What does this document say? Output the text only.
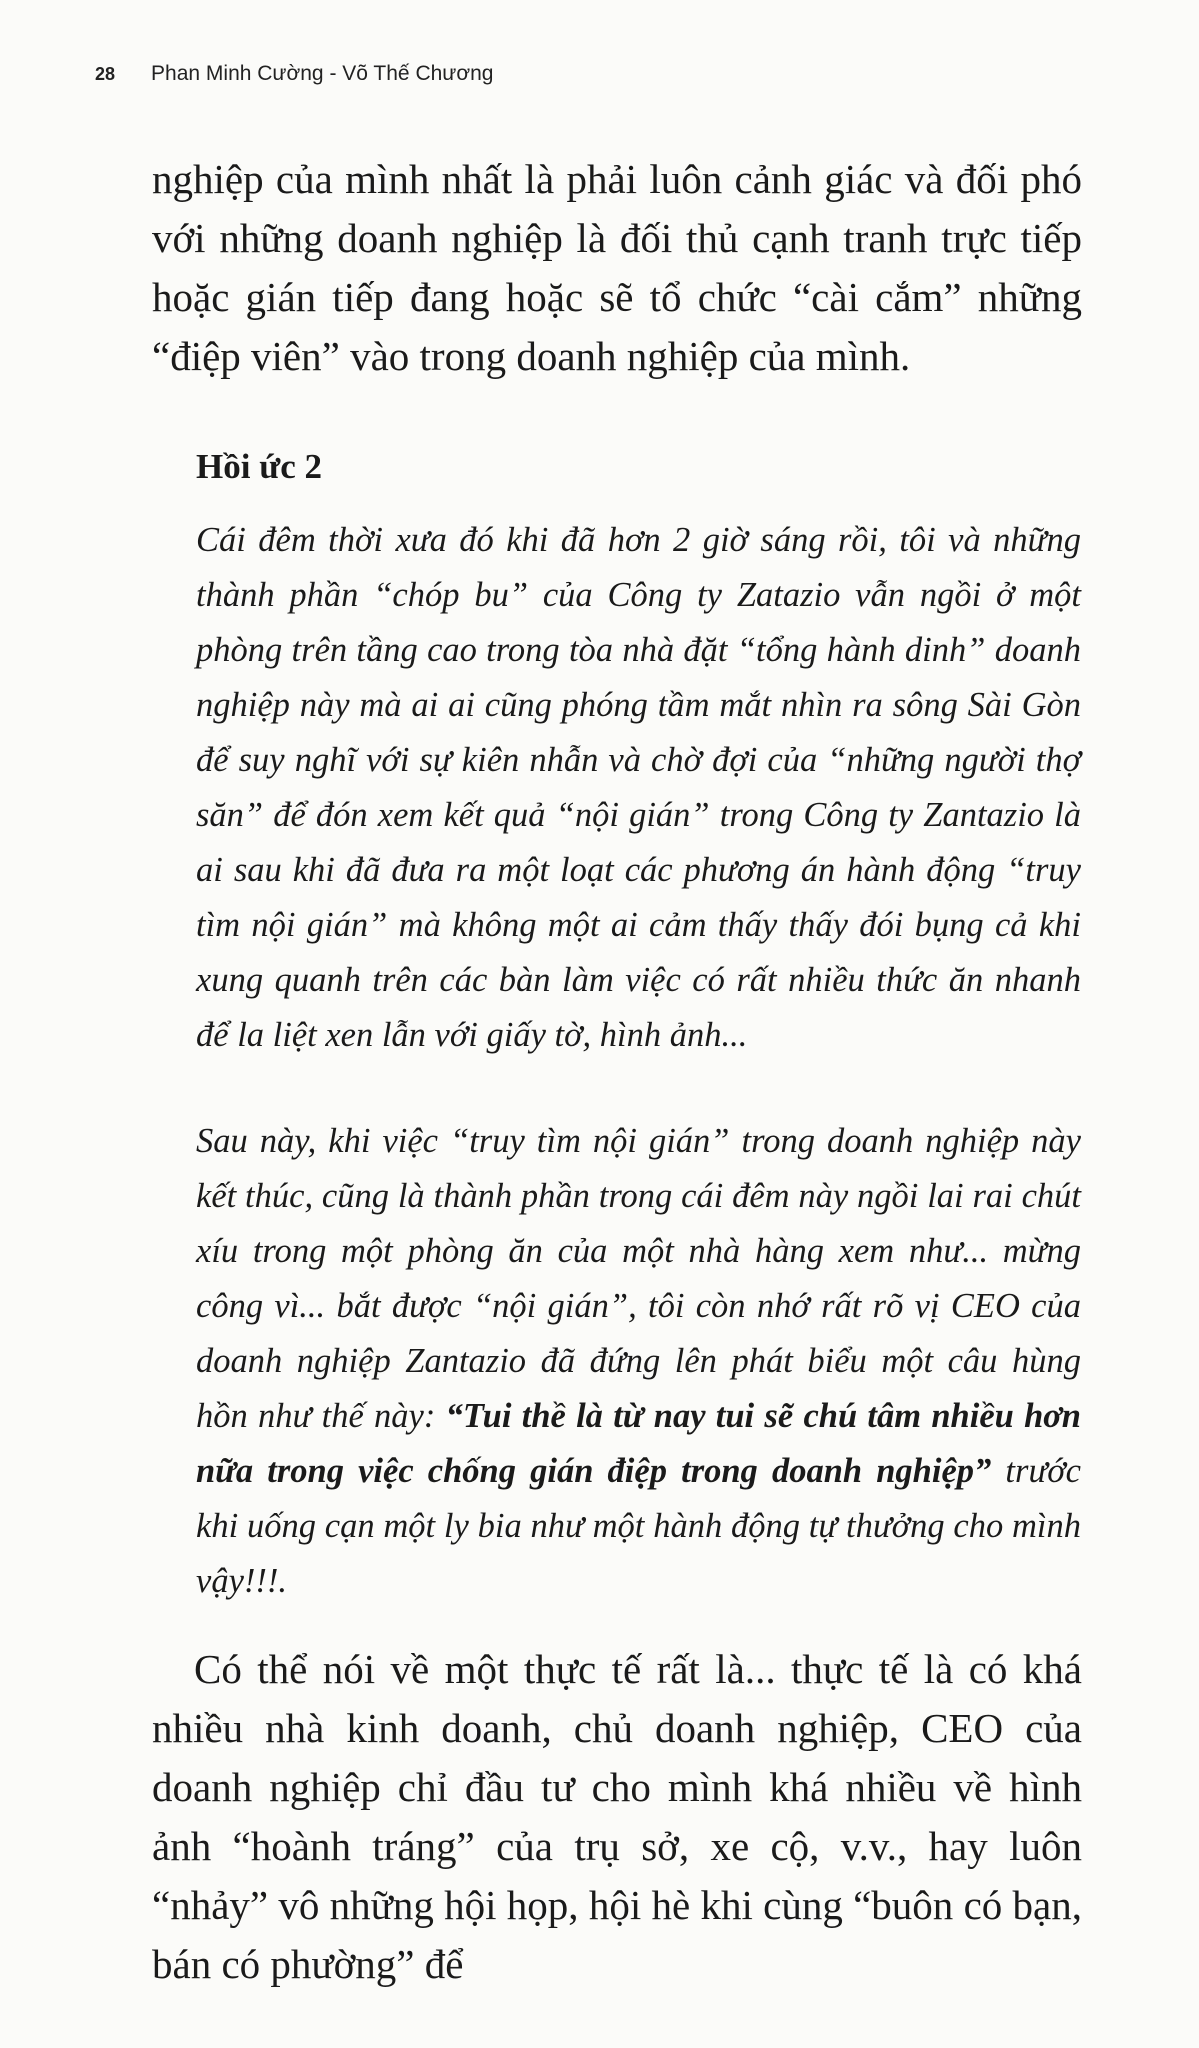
28 Phan Minh Cường - Võ Thế Chương

nghiệp của mình nhất là phải luôn cảnh giác và đối phó với những doanh nghiệp là đối thủ cạnh tranh trực tiếp hoặc gián tiếp đang hoặc sẽ tổ chức “cài cắm” những “điệp viên” vào trong doanh nghiệp của mình.

Hồi ức 2

Cái đêm thời xưa đó khi đã hơn 2 giờ sáng rồi, tôi và những thành phần “chóp bu” của Công ty Zatazio vẫn ngồi ở một phòng trên tầng cao trong tòa nhà đặt “tổng hành dinh” doanh nghiệp này mà ai ai cũng phóng tầm mắt nhìn ra sông Sài Gòn để suy nghĩ với sự kiên nhẫn và chờ đợi của “những người thợ săn” để đón xem kết quả “nội gián” trong Công ty Zantazio là ai sau khi đã đưa ra một loạt các phương án hành động “truy tìm nội gián” mà không một ai cảm thấy thấy đói bụng cả khi xung quanh trên các bàn làm việc có rất nhiều thức ăn nhanh để la liệt xen lẫn với giấy tờ, hình ảnh...

Sau này, khi việc “truy tìm nội gián” trong doanh nghiệp này kết thúc, cũng là thành phần trong cái đêm này ngồi lai rai chút xíu trong một phòng ăn của một nhà hàng xem như... mừng công vì... bắt được “nội gián”, tôi còn nhớ rất rõ vị CEO của doanh nghiệp Zantazio đã đứng lên phát biểu một câu hùng hồn như thế này: “Tui thề là từ nay tui sẽ chú tâm nhiều hơn nữa trong việc chống gián điệp trong doanh nghiệp” trước khi uống cạn một ly bia như một hành động tự thưởng cho mình vậy!!!.

Có thể nói về một thực tế rất là... thực tế là có khá nhiều nhà kinh doanh, chủ doanh nghiệp, CEO của doanh nghiệp chỉ đầu tư cho mình khá nhiều về hình ảnh “hoành tráng” của trụ sở, xe cộ, v.v., hay luôn “nhảy” vô những hội họp, hội hè khi cùng “buôn có bạn, bán có phường” để
